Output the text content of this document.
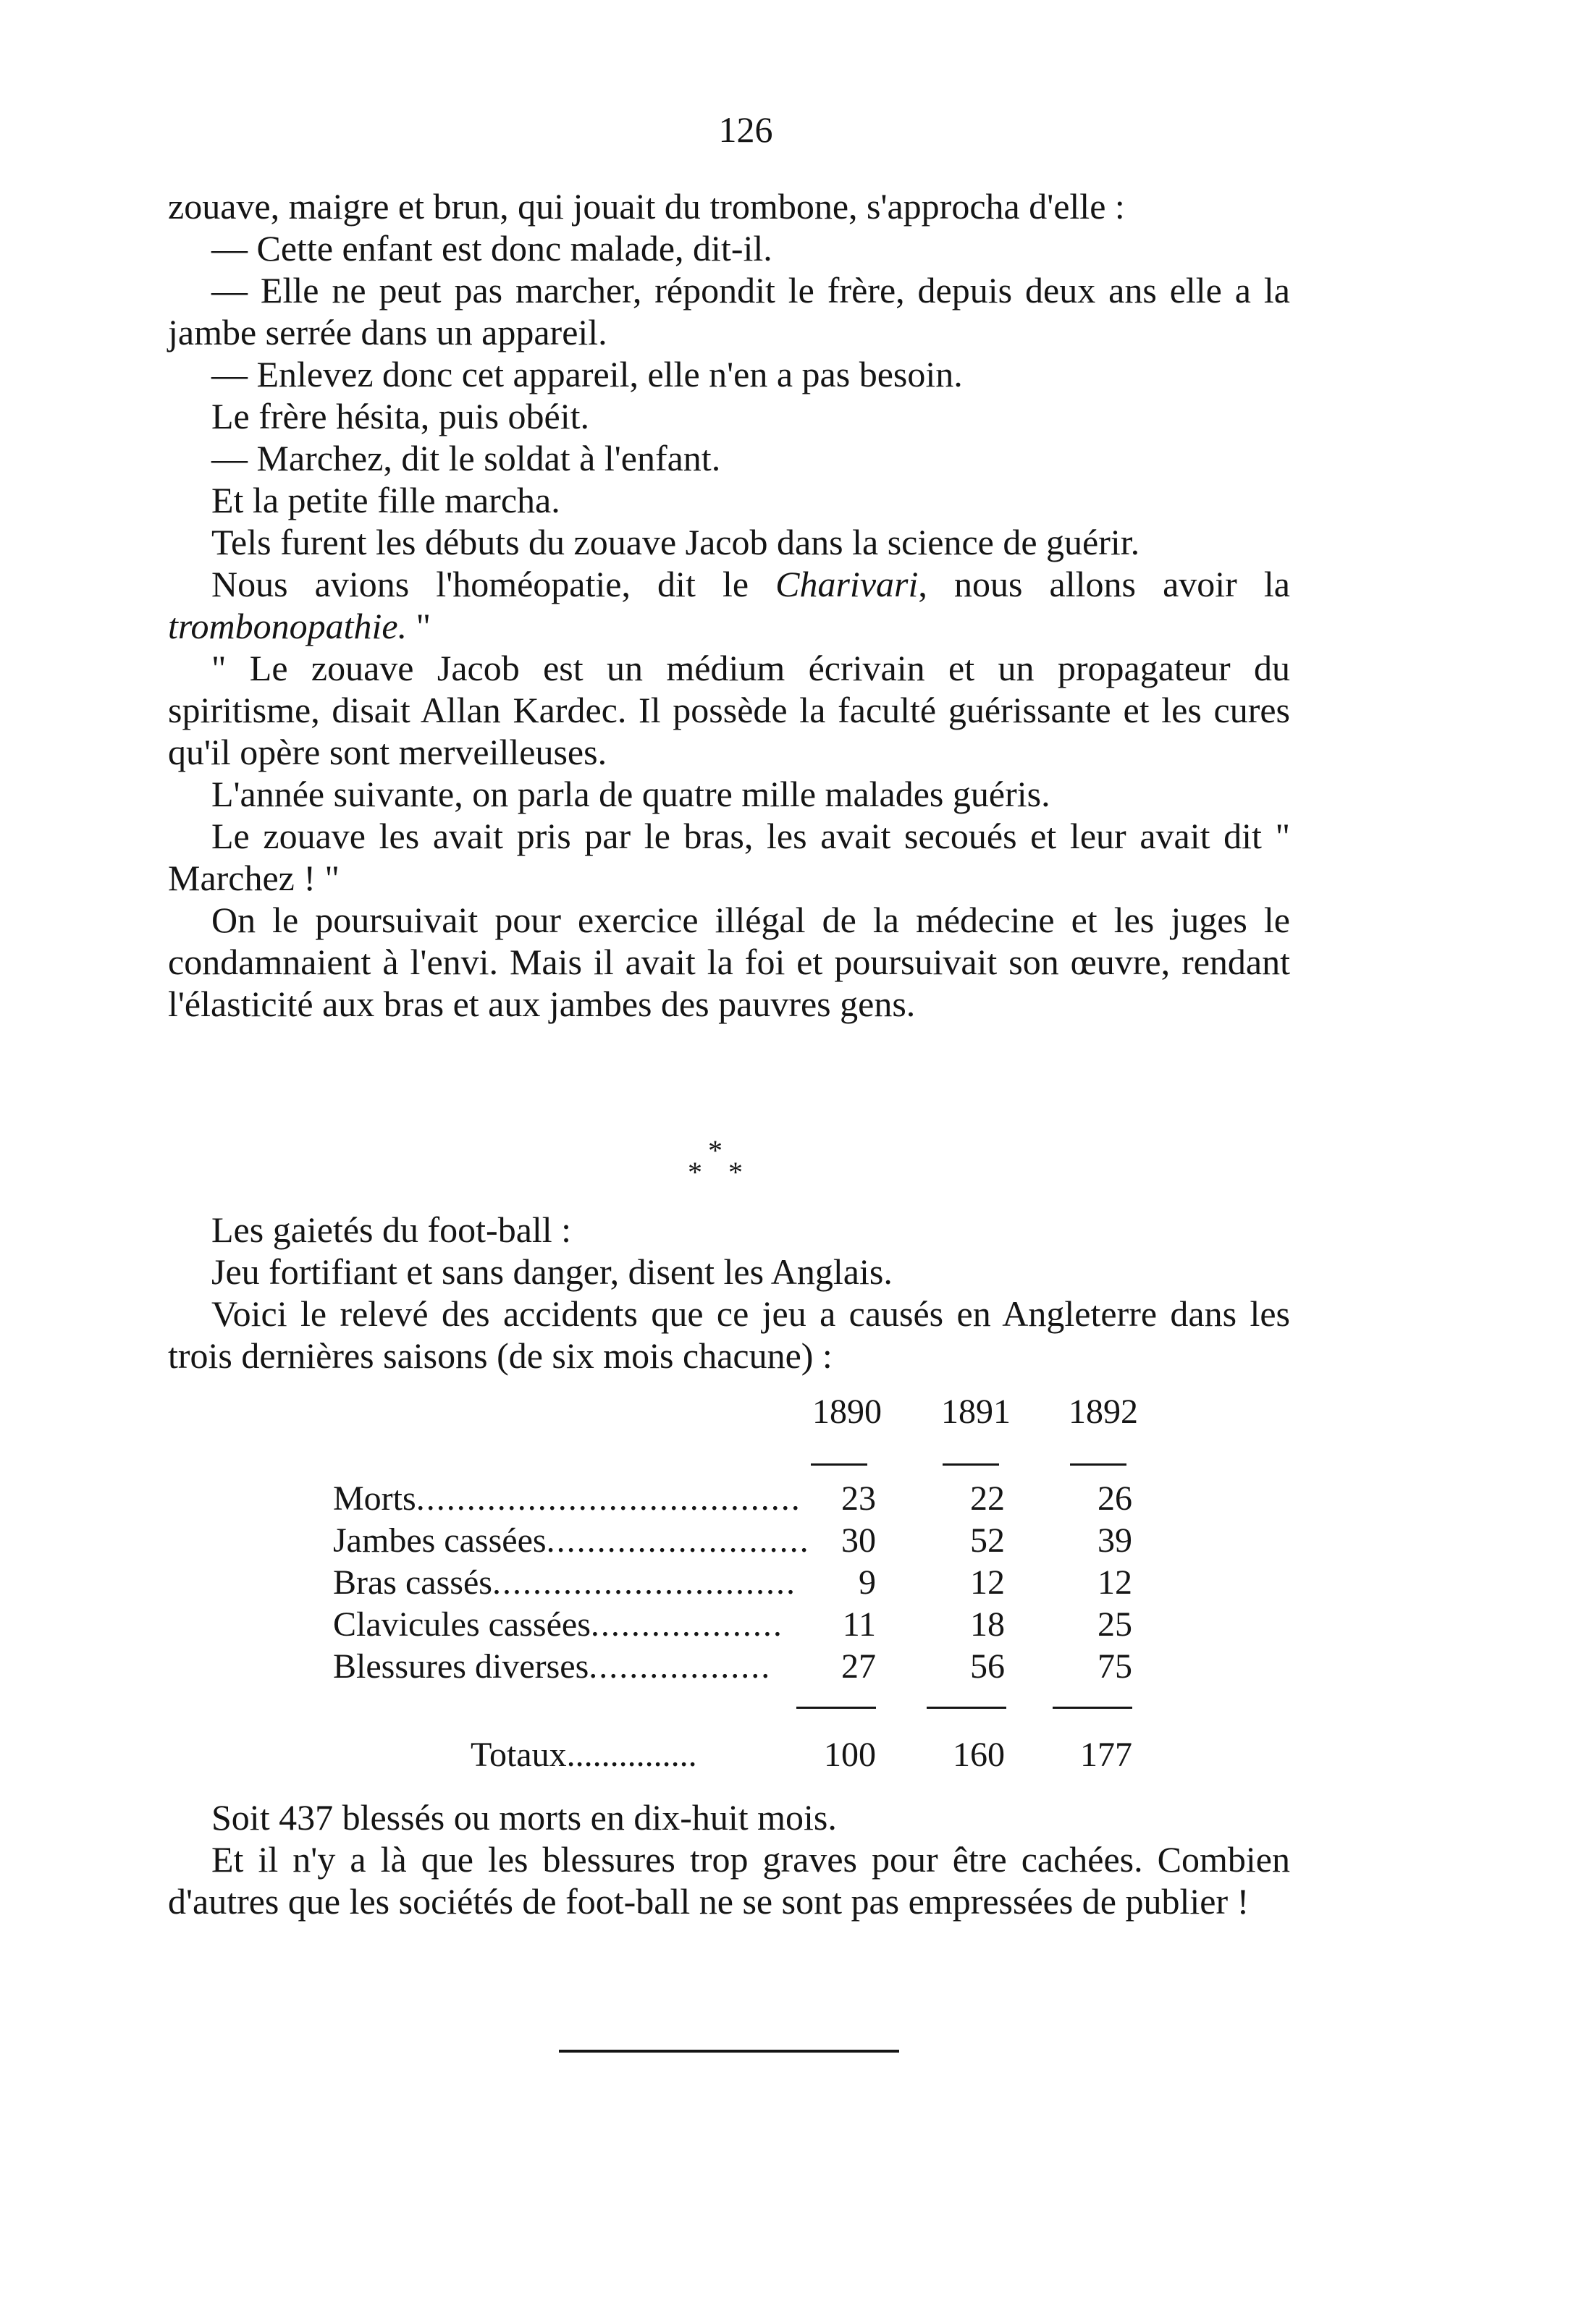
126

zouave, maigre et brun, qui jouait du trombone, s'approcha d'elle :

— Cette enfant est donc malade, dit-il.

— Elle ne peut pas marcher, répondit le frère, depuis deux ans elle a la jambe serrée dans un appareil.

— Enlevez donc cet appareil, elle n'en a pas besoin.

Le frère hésita, puis obéit.

— Marchez, dit le soldat à l'enfant.

Et la petite fille marcha.

Tels furent les débuts du zouave Jacob dans la science de guérir.

Nous avions l'homéopatie, dit le Charivari, nous allons avoir la trombonopathie. "

" Le zouave Jacob est un médium écrivain et un propagateur du spiritisme, disait Allan Kardec. Il possède la faculté guérissante et les cures qu'il opère sont merveilleuses.

L'année suivante, on parla de quatre mille malades guéris.

Le zouave les avait pris par le bras, les avait secoués et leur avait dit " Marchez ! "

On le poursuivait pour exercice illégal de la médecine et les juges le condamnaient à l'envi. Mais il avait la foi et poursuivait son œuvre, rendant l'élasticité aux bras et aux jambes des pauvres gens.

*
* *

Les gaietés du foot-ball :

Jeu fortifiant et sans danger, disent les Anglais.

Voici le relevé des accidents que ce jeu a causés en Angleterre dans les trois dernières saisons (de six mois chacune) :

1890	1891	1892
Morts......................................	23	22	26
Jambes cassées.......................... 30	52	39
Bras cassés..............................	9	12	12
Clavicules cassées...................	11	18	25
Blessures diverses..................	27	56	75
Totaux...............	100	160	177

Soit 437 blessés ou morts en dix-huit mois.

Et il n'y a là que les blessures trop graves pour être cachées. Combien d'autres que les sociétés de foot-ball ne se sont pas empressées de publier !
